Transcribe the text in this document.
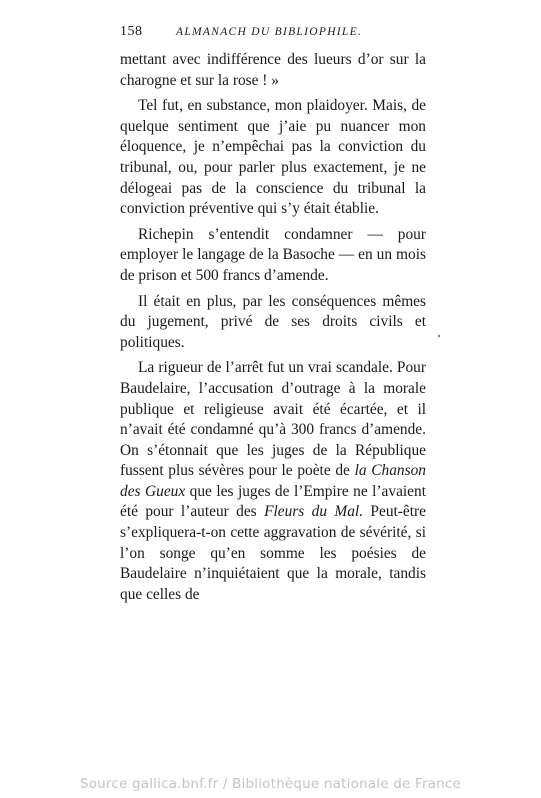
158	ALMANACH DU BIBLIOPHILE.

mettant avec indifférence des lueurs d’or sur la charogne et sur la rose ! »

Tel fut, en substance, mon plaidoyer. Mais, de quelque sentiment que j’aie pu nuancer mon éloquence, je n’empêchai pas la conviction du tribunal, ou, pour parler plus exactement, je ne délogeai pas de la conscience du tribunal la conviction préventive qui s’y était établie.

Richepin s’entendit condamner — pour employer le langage de la Basoche — en un mois de prison et 500 francs d’amende.

Il était en plus, par les conséquences mêmes du jugement, privé de ses droits civils et politiques.

La rigueur de l’arrêt fut un vrai scandale. Pour Baudelaire, l’accusation d’outrage à la morale publique et religieuse avait été écartée, et il n’avait été condamné qu’à 300 francs d’amende. On s’étonnait que les juges de la République fussent plus sévères pour le poète de la Chanson des Gueux que les juges de l’Empire ne l’avaient été pour l’auteur des Fleurs du Mal. Peut-être s’expliquera-t-on cette aggravation de sévérité, si l’on songe qu’en somme les poésies de Baudelaire n’inquiétaient que la morale, tandis que celles de

Source gallica.bnf.fr / Bibliothèque nationale de France
